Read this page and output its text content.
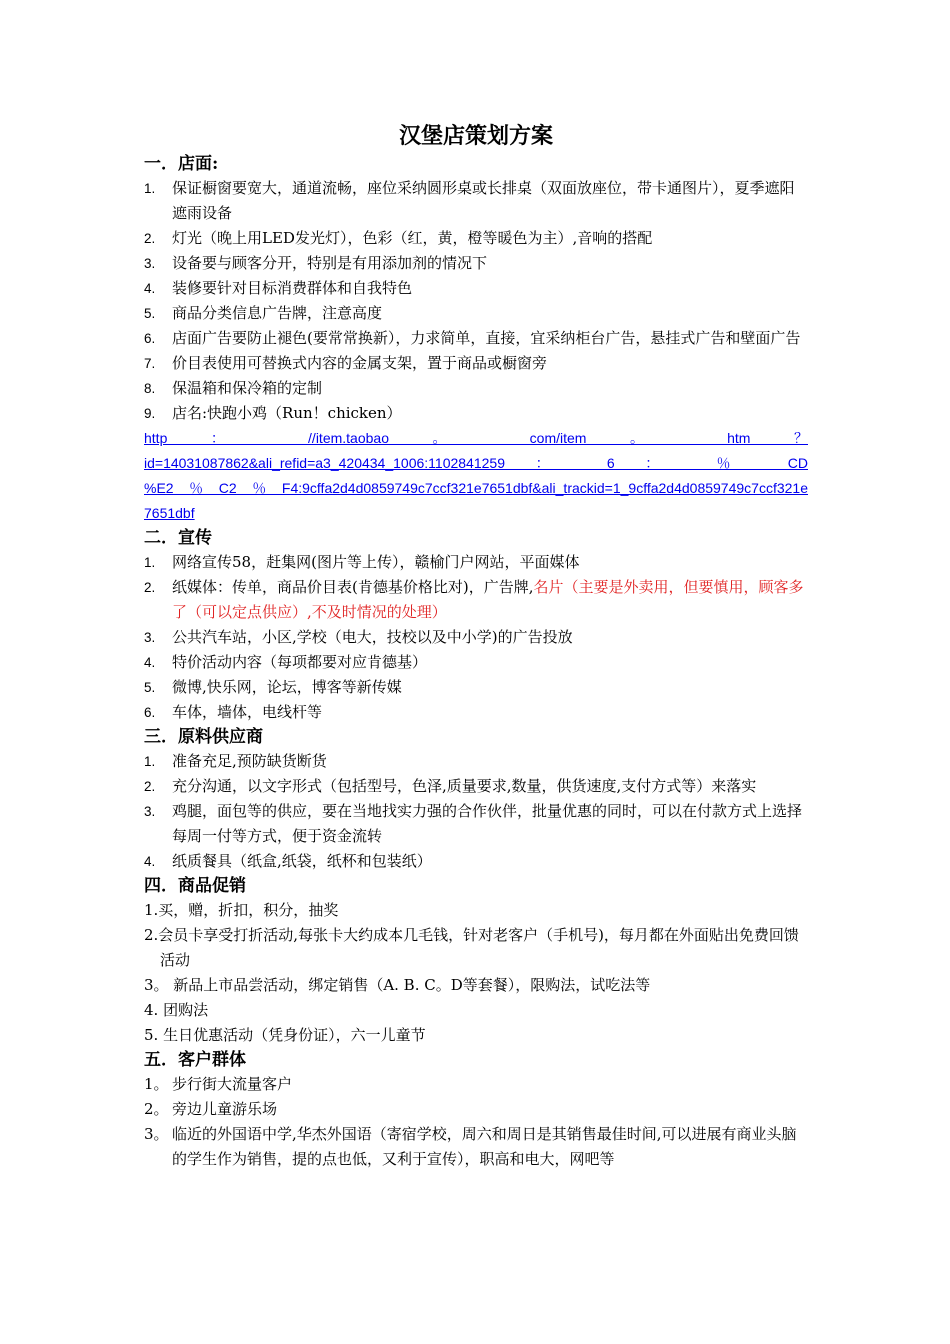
汉堡店策划方案
一．店面:
1. 保证橱窗要宽大，通道流畅，座位采纳圆形桌或长排桌（双面放座位，带卡通图片），夏季遮阳遮雨设备
2. 灯光（晚上用LED发光灯），色彩（红，黄，橙等暖色为主）,音响的搭配
3. 设备要与顾客分开，特别是有用添加剂的情况下
4. 装修要针对目标消费群体和自我特色
5. 商品分类信息广告牌，注意高度
6. 店面广告要防止褪色(要常常换新），力求简单，直接，宜采纳柜台广告，悬挂式广告和壁面广告
7. 价目表使用可替换式内容的金属支架，置于商品或橱窗旁
8. 保温箱和保冷箱的定制
9. 店名:快跑小鸡（Run！chicken）
http ： //item.taobao 。 com/item 。 htm ？
id=14031087862&ali_refid=a3_420434_1006:1102841259 ： 6 ： ％ CD
%E2％C2％F4:9cffa2d4d0859749c7ccf321e7651dbf&ali_trackid=1_9cffa2d4d0859749c7ccf321e
7651dbf
二．宣传
1. 网络宣传58，赶集网(图片等上传），赣榆门户网站，平面媒体
2. 纸媒体：传单，商品价目表(肯德基价格比对)，广告牌,名片（主要是外卖用，但要慎用，顾客多了（可以定点供应）,不及时情况的处理）
3. 公共汽车站，小区,学校（电大，技校以及中小学)的广告投放
4. 特价活动内容（每项都要对应肯德基）
5. 微博,快乐网，论坛，博客等新传媒
6. 车体，墙体，电线杆等
三．原料供应商
1. 准备充足,预防缺货断货
2. 充分沟通，以文字形式（包括型号，色泽,质量要求,数量，供货速度,支付方式等）来落实
3. 鸡腿，面包等的供应，要在当地找实力强的合作伙伴，批量优惠的同时，可以在付款方式上选择每周一付等方式，便于资金流转
4. 纸质餐具（纸盒,纸袋，纸杯和包装纸）
四．商品促销
1.买，赠，折扣，积分，抽奖
2.会员卡享受打折活动,每张卡大约成本几毛钱，针对老客户（手机号)，每月都在外面贴出免费回馈活动
3。 新品上市品尝活动，绑定销售（A. B. C。D等套餐），限购法，试吃法等
4. 团购法
5. 生日优惠活动（凭身份证），六一儿童节
五．客户群体
1。 步行街大流量客户
2。 旁边儿童游乐场
3。 临近的外国语中学,华杰外国语（寄宿学校，周六和周日是其销售最佳时间,可以进展有商业头脑的学生作为销售，提的点也低，又利于宣传），职高和电大，网吧等
